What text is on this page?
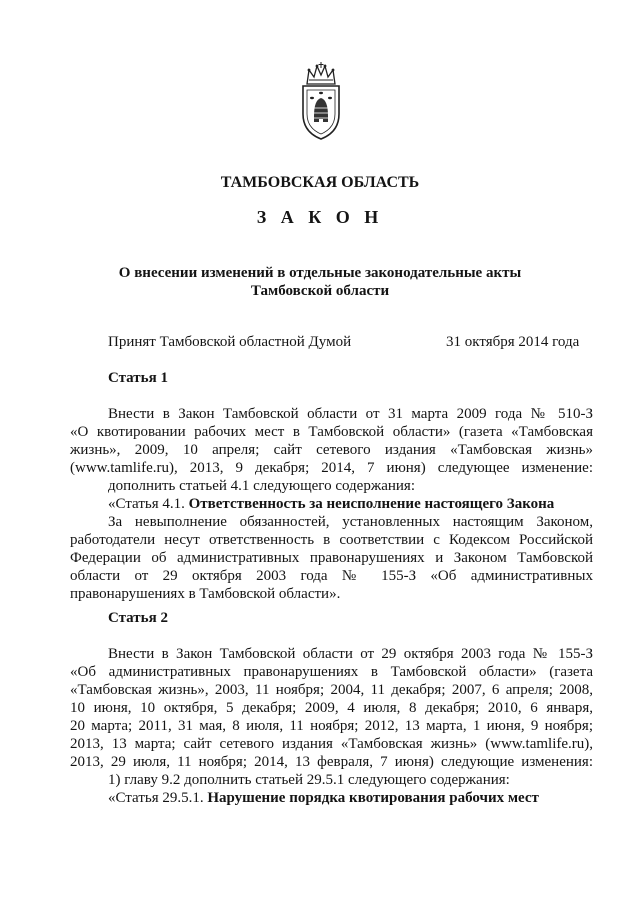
ТАМБОВСКАЯ ОБЛАСТЬ
З А К О Н
О внесении изменений в отдельные законодательные акты
Тамбовской области
Принят Тамбовской областной Думой	31 октября 2014 года
Статья 1
Внести в Закон Тамбовской области от 31 марта 2009 года № 510-З
«О квотировании рабочих мест в Тамбовской области» (газета «Тамбовская
жизнь», 2009, 10 апреля; сайт сетевого издания «Тамбовская жизнь»
(www.tamlife.ru), 2013, 9 декабря; 2014, 7 июня) следующее изменение:
дополнить статьей 4.1 следующего содержания:
«Статья 4.1. Ответственность за неисполнение настоящего Закона
За невыполнение обязанностей, установленных настоящим Законом,
работодатели несут ответственность в соответствии с Кодексом Российской
Федерации об административных правонарушениях и Законом Тамбовской
области от 29 октября 2003 года № 155-З «Об административных
правонарушениях в Тамбовской области».
Статья 2
Внести в Закон Тамбовской области от 29 октября 2003 года № 155-З
«Об административных правонарушениях в Тамбовской области» (газета
«Тамбовская жизнь», 2003, 11 ноября; 2004, 11 декабря; 2007, 6 апреля; 2008,
10 июня, 10 октября, 5 декабря; 2009, 4 июля, 8 декабря; 2010, 6 января,
20 марта; 2011, 31 мая, 8 июля, 11 ноября; 2012, 13 марта, 1 июня, 9 ноября;
2013, 13 марта; сайт сетевого издания «Тамбовская жизнь» (www.tamlife.ru),
2013, 29 июля, 11 ноября; 2014, 13 февраля, 7 июня) следующие изменения:
1) главу 9.2 дополнить статьей 29.5.1 следующего содержания:
«Статья 29.5.1. Нарушение порядка квотирования рабочих мест
